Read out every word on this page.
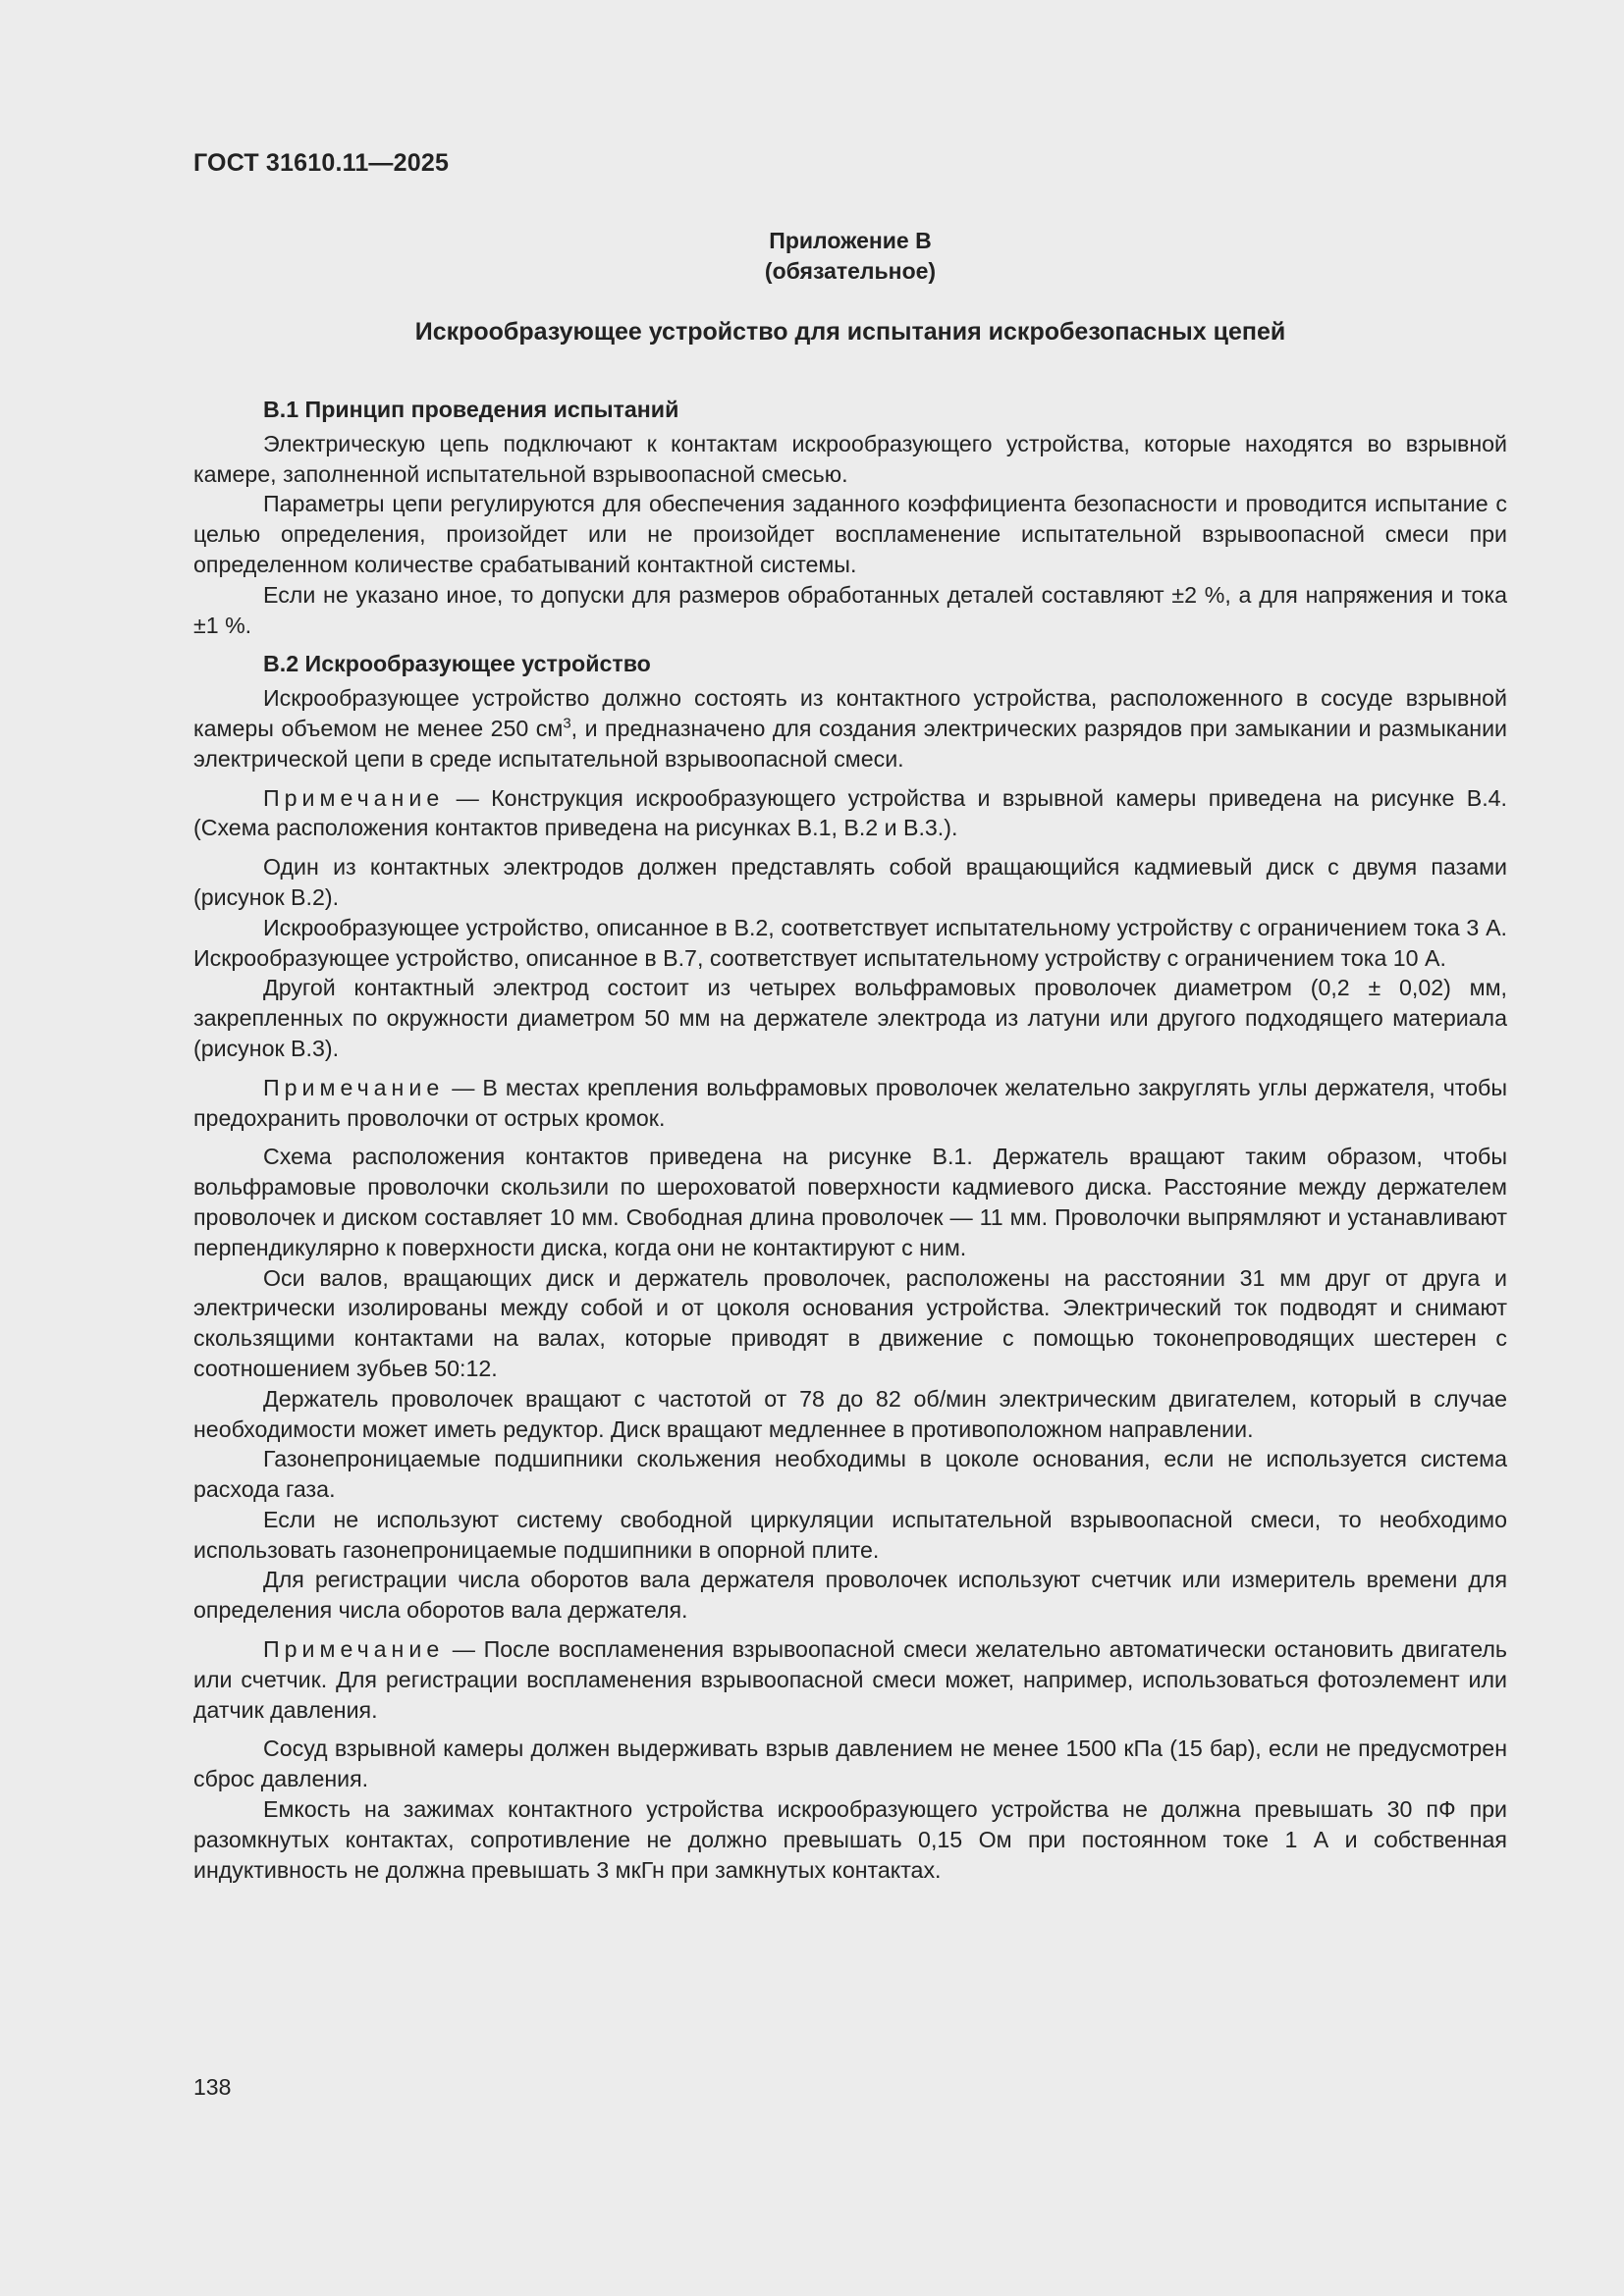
ГОСТ 31610.11—2025
Приложение В
(обязательное)
Искрообразующее устройство для испытания искробезопасных цепей
В.1 Принцип проведения испытаний

Электрическую цепь подключают к контактам искрообразующего устройства, которые находятся во взрывной камере, заполненной испытательной взрывоопасной смесью.

Параметры цепи регулируются для обеспечения заданного коэффициента безопасности и проводится испытание с целью определения, произойдет или не произойдет воспламенение испытательной взрывоопасной смеси при определенном количестве срабатываний контактной системы.

Если не указано иное, то допуски для размеров обработанных деталей составляют ±2 %, а для напряжения и тока ±1 %.

В.2 Искрообразующее устройство

Искрообразующее устройство должно состоять из контактного устройства, расположенного в сосуде взрывной камеры объемом не менее 250 $см^3$, и предназначено для создания электрических разрядов при замыкании и размыкании электрической цепи в среде испытательной взрывоопасной смеси.

Примечание — Конструкция искрообразующего устройства и взрывной камеры приведена на рисунке В.4. (Схема расположения контактов приведена на рисунках В.1, В.2 и В.3.).

Один из контактных электродов должен представлять собой вращающийся кадмиевый диск с двумя пазами (рисунок В.2).

Искрообразующее устройство, описанное в В.2, соответствует испытательному устройству с ограничением тока 3 А. Искрообразующее устройство, описанное в В.7, соответствует испытательному устройству с ограничением тока 10 А.

Другой контактный электрод состоит из четырех вольфрамовых проволочек диаметром (0,2 ± 0,02) мм, закрепленных по окружности диаметром 50 мм на держателе электрода из латуни или другого подходящего материала (рисунок В.3).

Примечание — В местах крепления вольфрамовых проволочек желательно закруглять углы держателя, чтобы предохранить проволочки от острых кромок.

Схема расположения контактов приведена на рисунке В.1. Держатель вращают таким образом, чтобы вольфрамовые проволочки скользили по шероховатой поверхности кадмиевого диска. Расстояние между держателем проволочек и диском составляет 10 мм. Свободная длина проволочек — 11 мм. Проволочки выпрямляют и устанавливают перпендикулярно к поверхности диска, когда они не контактируют с ним.

Оси валов, вращающих диск и держатель проволочек, расположены на расстоянии 31 мм друг от друга и электрически изолированы между собой и от цоколя основания устройства. Электрический ток подводят и снимают скользящими контактами на валах, которые приводят в движение с помощью токонепроводящих шестерен с соотношением зубьев 50:12.

Держатель проволочек вращают с частотой от 78 до 82 об/мин электрическим двигателем, который в случае необходимости может иметь редуктор. Диск вращают медленнее в противоположном направлении.

Газонепроницаемые подшипники скольжения необходимы в цоколе основания, если не используется система расхода газа.

Если не используют систему свободной циркуляции испытательной взрывоопасной смеси, то необходимо использовать газонепроницаемые подшипники в опорной плите.

Для регистрации числа оборотов вала держателя проволочек используют счетчик или измеритель времени для определения числа оборотов вала держателя.

Примечание — После воспламенения взрывоопасной смеси желательно автоматически остановить двигатель или счетчик. Для регистрации воспламенения взрывоопасной смеси может, например, использоваться фотоэлемент или датчик давления.

Сосуд взрывной камеры должен выдерживать взрыв давлением не менее 1500 кПа (15 бар), если не предусмотрен сброс давления.

Емкость на зажимах контактного устройства искрообразующего устройства не должна превышать 30 пФ при разомкнутых контактах, сопротивление не должно превышать 0,15 Ом при постоянном токе 1 А и собственная индуктивность не должна превышать 3 мкГн при замкнутых контактах.

138
